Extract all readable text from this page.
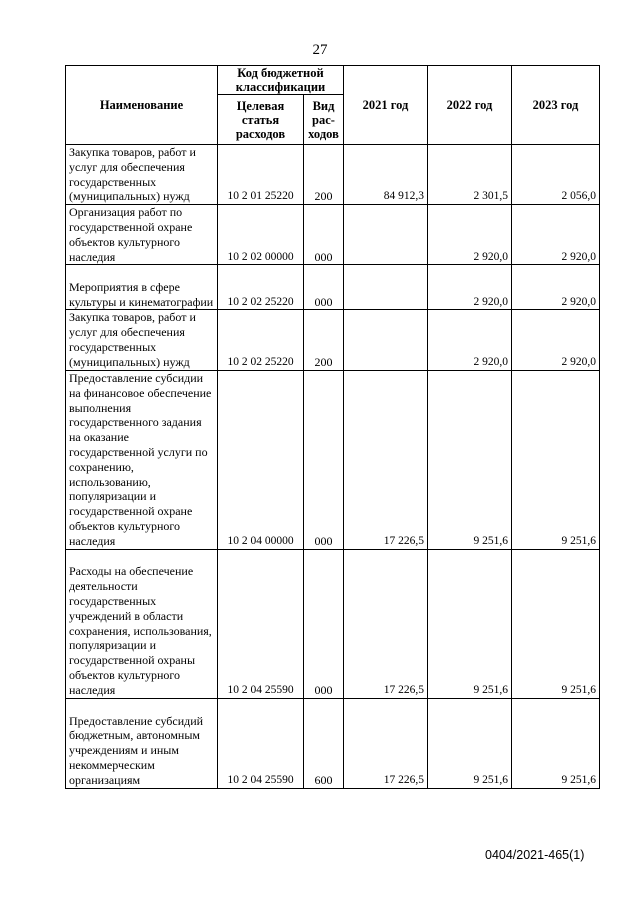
27
Наименование	Код бюджетной классификации		2021 год	2022 год	2023 год
	Целевая статья расходов	Вид рас-ходов			
Закупка товаров, работ и услуг для обеспечения государственных (муниципальных) нужд	10 2 01 25220	200	84 912,3	2 301,5	2 056,0
Организация работ по государственной охране объектов культурного наследия	10 2 02 00000	000		2 920,0	2 920,0
Мероприятия в сфере культуры и кинематографии	10 2 02 25220	000		2 920,0	2 920,0
Закупка товаров, работ и услуг для обеспечения государственных (муниципальных) нужд	10 2 02 25220	200		2 920,0	2 920,0
Предоставление субсидии на финансовое обеспечение выполнения государственного задания на оказание государственной услуги по сохранению, использованию, популяризации и государственной охране объектов культурного наследия	10 2 04 00000	000	17 226,5	9 251,6	9 251,6
Расходы на обеспечение деятельности государственных учреждений в области сохранения, использования, популяризации и государственной охраны объектов культурного наследия	10 2 04 25590	000	17 226,5	9 251,6	9 251,6
Предоставление субсидий бюджетным, автономным учреждениям и иным некоммерческим организациям	10 2 04 25590	600	17 226,5	9 251,6	9 251,6
0404/2021-465(1)
